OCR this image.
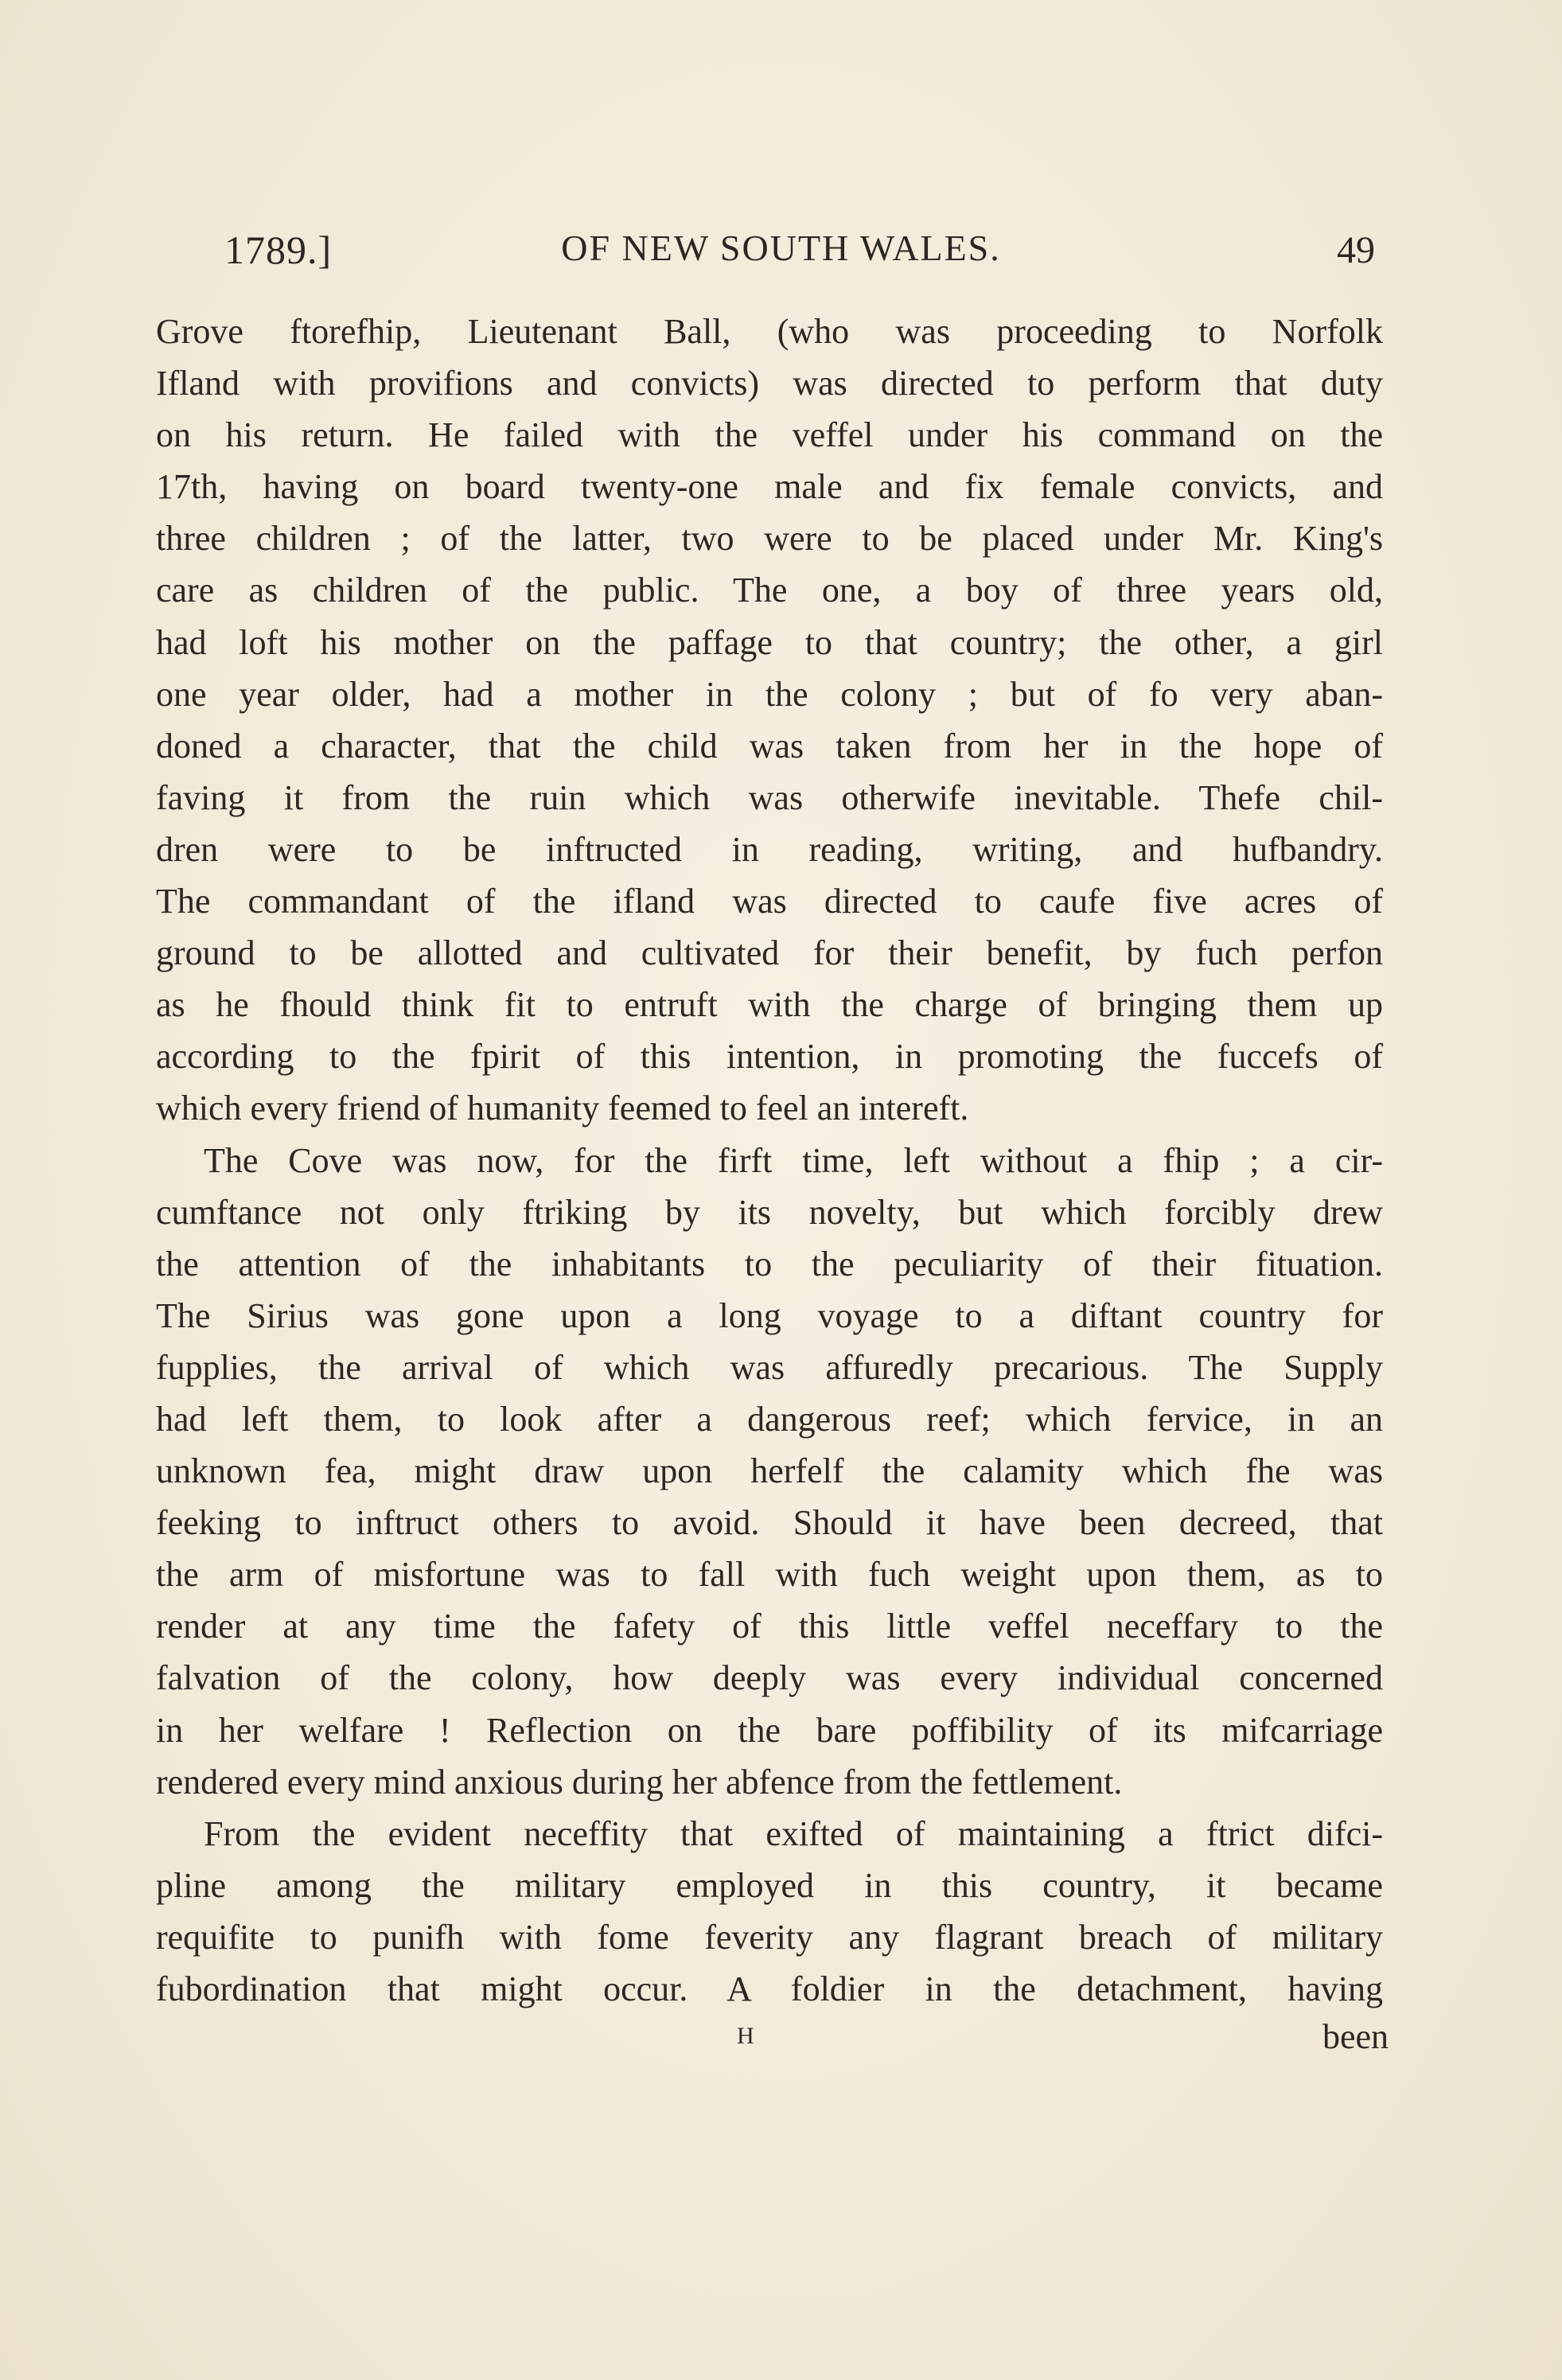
1789.]	OF NEW SOUTH WALES.	49
Grove ftorefhip, Lieutenant Ball, (who was proceeding to Norfolk
Ifland with provifions and convicts) was directed to perform that duty
on his return. He failed with the veffel under his command on the
17th, having on board twenty-one male and fix female convicts, and
three children ; of the latter, two were to be placed under Mr. King's
care as children of the public. The one, a boy of three years old,
had loft his mother on the paffage to that country; the other, a girl
one year older, had a mother in the colony ; but of fo very aban-
doned a character, that the child was taken from her in the hope of
faving it from the ruin which was otherwife inevitable. Thefe chil-
dren were to be inftructed in reading, writing, and hufbandry.
The commandant of the ifland was directed to caufe five acres of
ground to be allotted and cultivated for their benefit, by fuch perfon
as he fhould think fit to entruft with the charge of bringing them up
according to the fpirit of this intention, in promoting the fuccefs of
which every friend of humanity feemed to feel an intereft.
The Cove was now, for the firft time, left without a fhip ; a cir-
cumftance not only ftriking by its novelty, but which forcibly drew
the attention of the inhabitants to the peculiarity of their fituation.
The Sirius was gone upon a long voyage to a diftant country for
fupplies, the arrival of which was affuredly precarious. The Supply
had left them, to look after a dangerous reef; which fervice, in an
unknown fea, might draw upon herfelf the calamity which fhe was
feeking to inftruct others to avoid. Should it have been decreed, that
the arm of misfortune was to fall with fuch weight upon them, as to
render at any time the fafety of this little veffel neceffary to the
falvation of the colony, how deeply was every individual concerned
in her welfare ! Reflection on the bare poffibility of its mifcarriage
rendered every mind anxious during her abfence from the fettlement.
From the evident neceffity that exifted of maintaining a ftrict difci-
pline among the military employed in this country, it became
requifite to punifh with fome feverity any flagrant breach of military
fubordination that might occur. A foldier in the detachment, having
H	been
